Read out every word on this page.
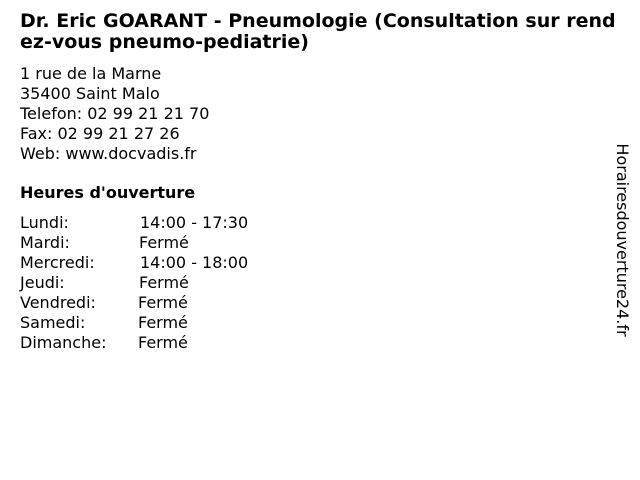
Dr. Eric GOARANT - Pneumologie (Consultation sur rendez-vous pneumo-pediatrie)
1 rue de la Marne
35400 Saint Malo
Telefon: 02 99 21 21 70
Fax: 02 99 21 27 26
Web: www.docvadis.fr
Heures d'ouverture
Lundi:	14:00 - 17:30
Mardi:	Fermé
Mercredi:	14:00 - 18:00
Jeudi:	Fermé
Vendredi:	Fermé
Samedi:	Fermé
Dimanche: Fermé
Horairesdouverture24.fr
